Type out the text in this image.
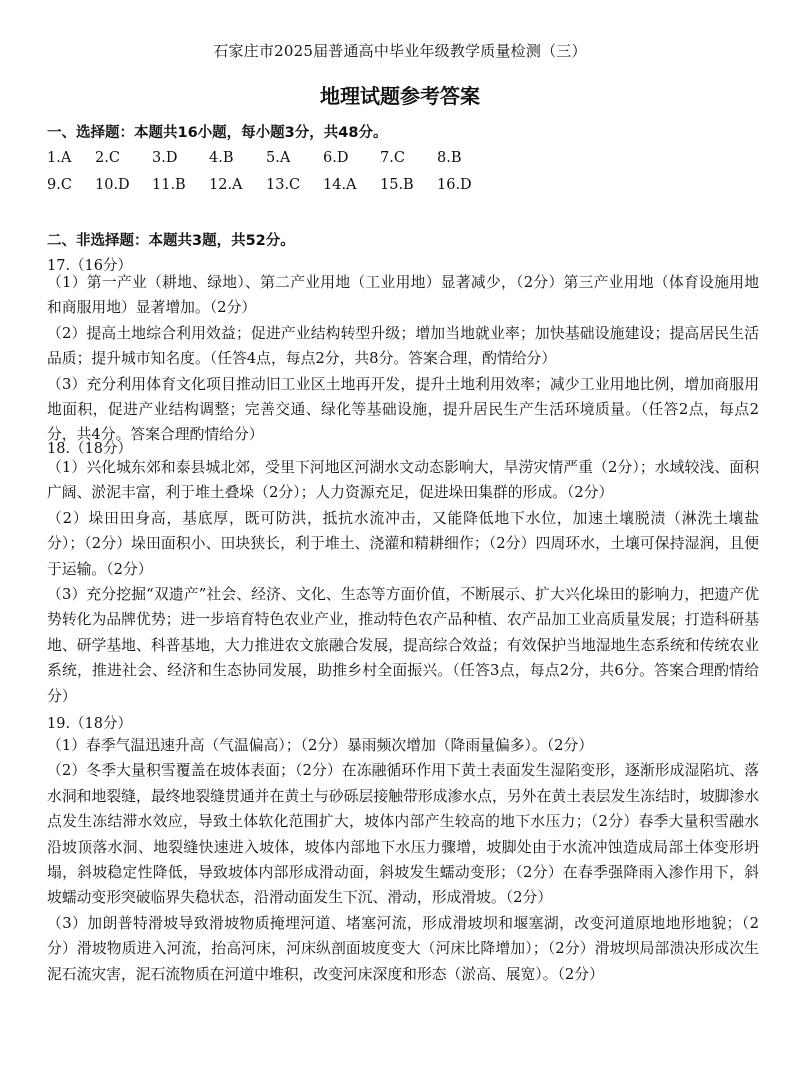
石家庄市2025届普通高中毕业年级教学质量检测（三）
地理试题参考答案
一、选择题：本题共16小题，每小题3分，共48分。
1.A 2.C 3.D 4.B 5.A 6.D 7.C 8.B
9.C 10.D 11.B 12.A 13.C 14.A 15.B 16.D
二、非选择题：本题共3题，共52分。
17.（16分）
（1）第一产业（耕地、绿地）、第二产业用地（工业用地）显著减少，（2分）第三产业用地（体育设施用地和商服用地）显著增加。（2分）
（2）提高土地综合利用效益；促进产业结构转型升级；增加当地就业率；加快基础设施建设；提高居民生活品质；提升城市知名度。（任答4点，每点2分，共8分。答案合理，酌情给分）
（3）充分利用体育文化项目推动旧工业区土地再开发，提升土地利用效率；减少工业用地比例，增加商服用地面积，促进产业结构调整；完善交通、绿化等基础设施，提升居民生产生活环境质量。（任答2点，每点2分，共4分。答案合理酌情给分）
18.（18分）
（1）兴化城东郊和泰县城北郊，受里下河地区河湖水文动态影响大，旱涝灾情严重（2分）；水域较浅、面积广阔、淤泥丰富，利于堆土叠垛（2分）；人力资源充足，促进垛田集群的形成。（2分）
（2）垛田田身高，基底厚，既可防洪，抵抗水流冲击，又能降低地下水位，加速土壤脱渍（淋洗土壤盐分）；（2分）垛田面积小、田块狭长，利于堆土、浇灌和精耕细作；（2分）四周环水，土壤可保持湿润，且便于运输。（2分）
（3）充分挖掘“双遗产”社会、经济、文化、生态等方面价值，不断展示、扩大兴化垛田的影响力，把遗产优势转化为品牌优势；进一步培育特色农业产业，推动特色农产品种植、农产品加工业高质量发展；打造科研基地、研学基地、科普基地，大力推进农文旅融合发展，提高综合效益；有效保护当地湿地生态系统和传统农业系统，推进社会、经济和生态协同发展，助推乡村全面振兴。（任答3点，每点2分，共6分。答案合理酌情给分）
19.（18分）
（1）春季气温迅速升高（气温偏高）；（2分）暴雨频次增加（降雨量偏多）。（2分）
（2）冬季大量积雪覆盖在坡体表面；（2分）在冻融循环作用下黄土表面发生湿陷变形，逐渐形成湿陷坑、落水洞和地裂缝，最终地裂缝贯通并在黄土与砂砾层接触带形成渗水点，另外在黄土表层发生冻结时，坡脚渗水点发生冻结滞水效应，导致土体软化范围扩大，坡体内部产生较高的地下水压力；（2分）春季大量积雪融水沿坡顶落水洞、地裂缝快速进入坡体，坡体内部地下水压力骤增，坡脚处由于水流冲蚀造成局部土体变形坍塌，斜坡稳定性降低，导致坡体内部形成滑动面，斜坡发生蠕动变形；（2分）在春季强降雨入渗作用下，斜坡蠕动变形突破临界失稳状态，沿滑动面发生下沉、滑动，形成滑坡。（2分）
（3）加朗普特滑坡导致滑坡物质掩埋河道、堵塞河流，形成滑坡坝和堰塞湖，改变河道原地地形地貌；（2分）滑坡物质进入河流，抬高河床，河床纵剖面坡度变大（河床比降增加）；（2分）滑坡坝局部溃决形成次生泥石流灾害，泥石流物质在河道中堆积，改变河床深度和形态（淤高、展宽）。（2分）
